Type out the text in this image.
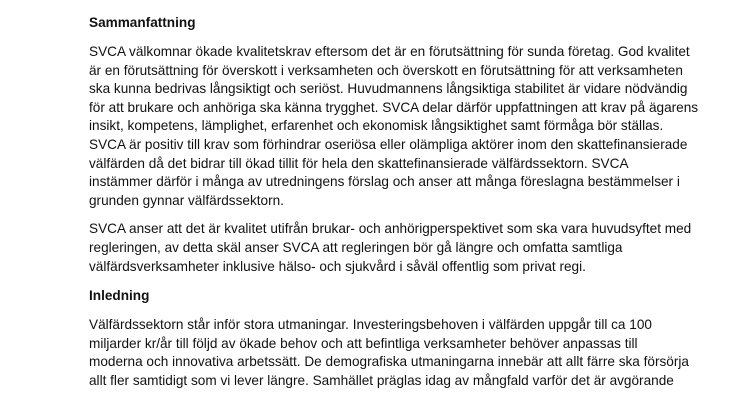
Sammanfattning
SVCA välkomnar ökade kvalitetskrav eftersom det är en förutsättning för sunda företag. God kvalitet
är en förutsättning för överskott i verksamheten och överskott en förutsättning för att verksamheten
ska kunna bedrivas långsiktigt och seriöst. Huvudmannens långsiktiga stabilitet är vidare nödvändig
för att brukare och anhöriga ska känna trygghet. SVCA delar därför uppfattningen att krav på ägarens
insikt, kompetens, lämplighet, erfarenhet och ekonomisk långsiktighet samt förmåga bör ställas.
SVCA är positiv till krav som förhindrar oseriösa eller olämpliga aktörer inom den skattefinansierade
välfärden då det bidrar till ökad tillit för hela den skattefinansierade välfärdssektorn. SVCA
instämmer därför i många av utredningens förslag och anser att många föreslagna bestämmelser i
grunden gynnar välfärdssektorn.
SVCA anser att det är kvalitet utifrån brukar- och anhörigperspektivet som ska vara huvudsyftet med
regleringen, av detta skäl anser SVCA att regleringen bör gå längre och omfatta samtliga
välfärdsverksamheter inklusive hälso- och sjukvård i såväl offentlig som privat regi.
Inledning
Välfärdssektorn står inför stora utmaningar. Investeringsbehoven i välfärden uppgår till ca 100
miljarder kr/år till följd av ökade behov och att befintliga verksamheter behöver anpassas till
moderna och innovativa arbetssätt. De demografiska utmaningarna innebär att allt färre ska försörja
allt fler samtidigt som vi lever längre. Samhället präglas idag av mångfald varför det är avgörande
